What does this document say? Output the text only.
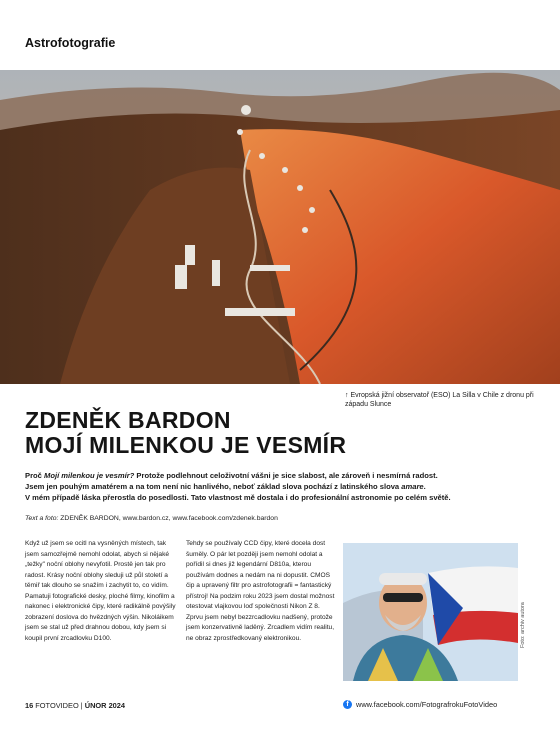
Astrofotografie
↑ Evropská jižní observatoř (ESO) La Silla v Chile z dronu při západu Slunce
ZDENĚK BARDON
MOJÍ MILENKOU JE VESMÍR
Proč Mojí milenkou je vesmír? Protože podlehnout celoživotní vášni je sice slabost, ale zároveň i nesmírná radost.
Jsem jen pouhým amatérem a na tom není nic hanlivého, neboť základ slova pochází z latinského slova amare.
V mém případě láska přerostla do posedlosti. Tato vlastnost mě dostala i do profesionální astronomie po celém světě.
Text a foto: ZDENĚK BARDON, www.bardon.cz, www.facebook.com/zdenek.bardon

Když už jsem se ocitl na vysněných místech, tak jsem samozřejmě nemohl odolat, abych si nějaké „težky" noční oblohy nevyfotil. Prostě jen tak pro radost. Krásy noční oblohy sleduji už půl století a těmiř tak dlouho se snažím i zachytit to, co vidím. Pamatuji fotografické desky, ploché filmy, kinofilm a nakonec i elektronické čipy, které radikálně povýšily zobrazení doslova do hvězdných výšin. Nikoláikem jsem se stal už před drahnou dobou, kdy jsem si koupil první zrcadlovku D100.

Tehdy se používaly CCD čipy, které docela dost šuměly. O pár let později jsem nemohl odolat a pořídil si dnes již legendární D810a, kterou používám dodnes a nedám na ni dopustit. CMOS čip a upravený filtr pro astrofotografii = fantastický přístroj! Na podzim roku 2023 jsem dostal možnost otestovat vlajkovou loď společnosti Nikon Z 8. Zprvu jsem nebyl bezzrcadlovku nadšený, protože jsem konzervativně laděný. Zrcadlem vidím realitu, ne obraz zprostředkovaný elektronikou.	Foto: archiv autora
16 FOTOVIDEO | ÚNOR 2024	f www.facebook.com/FotografrokuFotoVideo
